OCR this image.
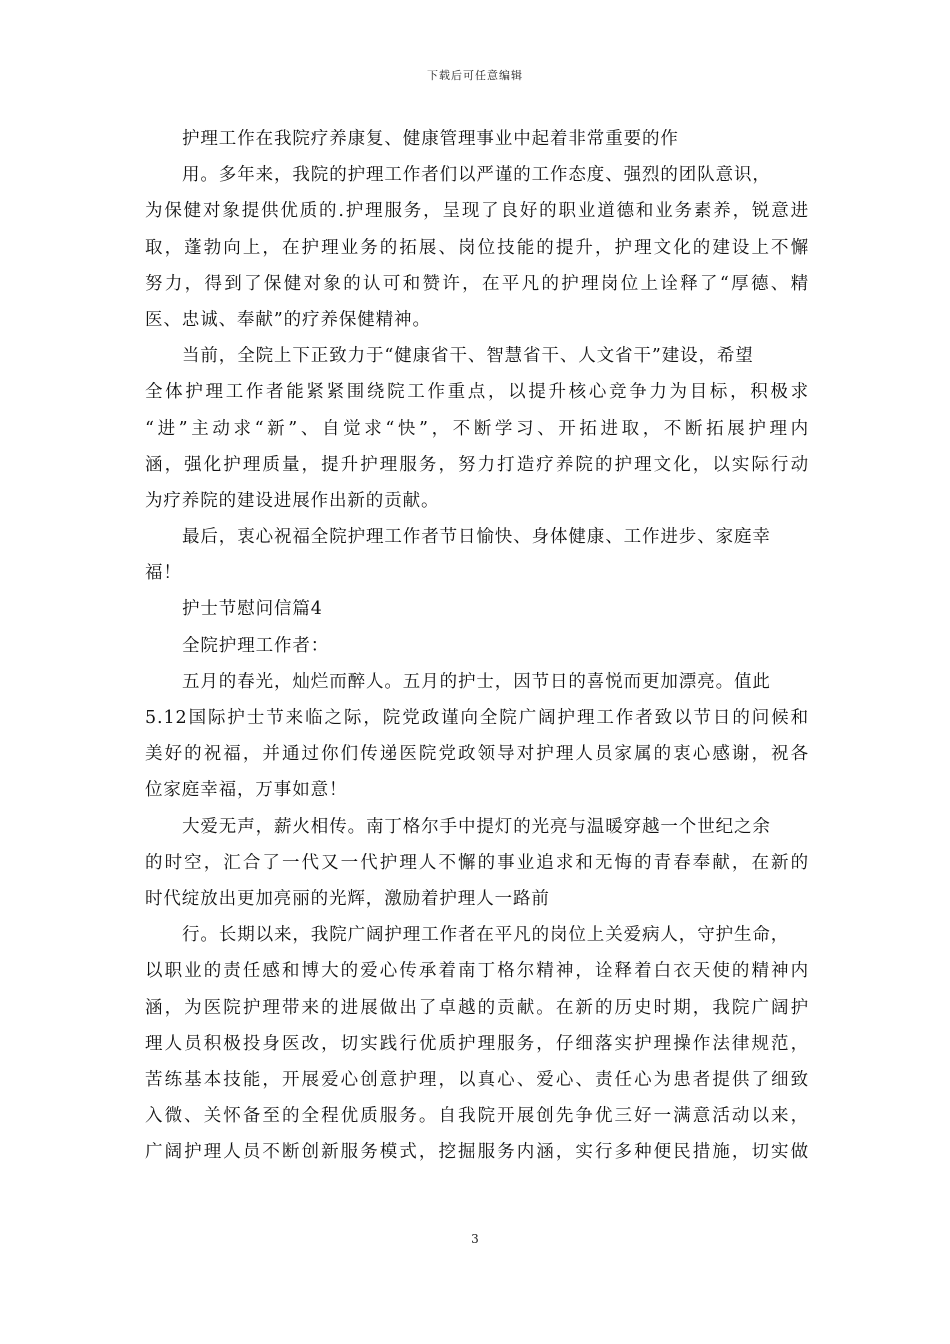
下载后可任意编辑
护理工作在我院疗养康复、健康管理事业中起着非常重要的作
用。多年来，我院的护理工作者们以严谨的工作态度、强烈的团队意识，
为保健对象提供优质的.护理服务，呈现了良好的职业道德和业务素养，锐意进
取，蓬勃向上，在护理业务的拓展、岗位技能的提升，护理文化的建设上不懈
努力，得到了保健对象的认可和赞许，在平凡的护理岗位上诠释了“厚德、精
医、忠诚、奉献”的疗养保健精神。
当前，全院上下正致力于“健康省干、智慧省干、人文省干”建设，希望
全体护理工作者能紧紧围绕院工作重点，以提升核心竞争力为目标，积极求
“进”主动求“新”、自觉求“快”，不断学习、开拓进取，不断拓展护理内
涵，强化护理质量，提升护理服务，努力打造疗养院的护理文化，以实际行动
为疗养院的建设进展作出新的贡献。
最后，衷心祝福全院护理工作者节日愉快、身体健康、工作进步、家庭幸
福！
护士节慰问信篇4
全院护理工作者：
五月的春光，灿烂而醉人。五月的护士，因节日的喜悦而更加漂亮。值此
5.12国际护士节来临之际，院党政谨向全院广阔护理工作者致以节日的问候和
美好的祝福，并通过你们传递医院党政领导对护理人员家属的衷心感谢，祝各
位家庭幸福，万事如意！
大爱无声，薪火相传。南丁格尔手中提灯的光亮与温暖穿越一个世纪之余
的时空，汇合了一代又一代护理人不懈的事业追求和无悔的青春奉献，在新的
时代绽放出更加亮丽的光辉，激励着护理人一路前
行。长期以来，我院广阔护理工作者在平凡的岗位上关爱病人，守护生命，
以职业的责任感和博大的爱心传承着南丁格尔精神，诠释着白衣天使的精神内
涵，为医院护理带来的进展做出了卓越的贡献。在新的历史时期，我院广阔护
理人员积极投身医改，切实践行优质护理服务，仔细落实护理操作法律规范，
苦练基本技能，开展爱心创意护理，以真心、爱心、责任心为患者提供了细致
入微、关怀备至的全程优质服务。自我院开展创先争优三好一满意活动以来，
广阔护理人员不断创新服务模式，挖掘服务内涵，实行多种便民措施，切实做
3
